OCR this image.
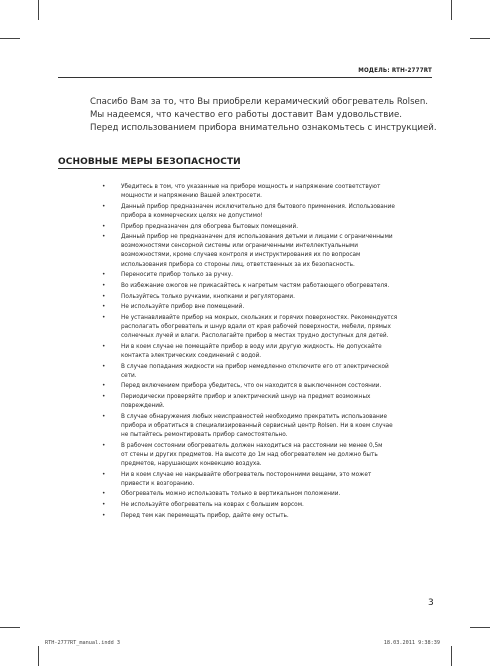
МОДЕЛЬ: RTH-2777RT
Спасибо Вам за то, что Вы приобрели керамический обогреватель Rolsen.
Мы надеемся, что качество его работы доставит Вам удовольствие.
Перед использованием прибора внимательно ознакомьтесь с инструкцией.
ОСНОВНЫЕ МЕРЫ БЕЗОПАСНОСТИ
• Убедитесь в том, что указанные на приборе мощность и напряжение соответствуют
мощности и напряжению Вашей электросети.
• Данный прибор предназначен исключительно для бытового применения. Использование
прибора в коммерческих целях не допустимо!
• Прибор предназначен для обогрева бытовых помещений.
• Данный прибор не предназначен для использования детьми и лицами с ограниченными
возможностями сенсорной системы или ограниченными интеллектуальными
возможностями, кроме случаев контроля и инструктирования их по вопросам
использования прибора со стороны лиц, ответственных за их безопасность.
• Переносите прибор только за ручку.
• Во избежание ожогов не прикасайтесь к нагретым частям работающего обогревателя.
• Пользуйтесь только ручками, кнопками и регуляторами.
• Не используйте прибор вне помещений.
• Не устанавливайте прибор на мокрых, скользких и горячих поверхностях. Рекомендуется
располагать обогреватель и шнур вдали от края рабочей поверхности, мебели, прямых
солнечных лучей и влаги. Располагайте прибор в местах трудно доступных для детей.
• Ни в коем случае не помещайте прибор в воду или другую жидкость. Не допускайте
контакта электрических соединений с водой.
• В случае попадания жидкости на прибор немедленно отключите его от электрической
сети.
• Перед включением прибора убедитесь, что он находится в выключенном состоянии.
• Периодически проверяйте прибор и электрический шнур на предмет возможных
повреждений.
• В случае обнаружения любых неисправностей необходимо прекратить использование
прибора и обратиться в специализированный сервисный центр Rolsen. Ни в коем случае
не пытайтесь ремонтировать прибор самостоятельно.
• В рабочем состоянии обогреватель должен находиться на расстоянии не менее 0,5м
от стены и других предметов. На высоте до 1м над обогревателем не должно быть
предметов, нарушающих конвекцию воздуха.
• Ни в коем случае не накрывайте обогреватель посторонними вещами, это может
привести к возгоранию.
• Обогреватель можно использовать только в вертикальном положении.
• Не используйте обогреватель на коврах с большим ворсом.
• Перед тем как перемещать прибор, дайте ему остыть.
3
RTH-2777RT_manual.indd 3	18.03.2011 9:38:39
